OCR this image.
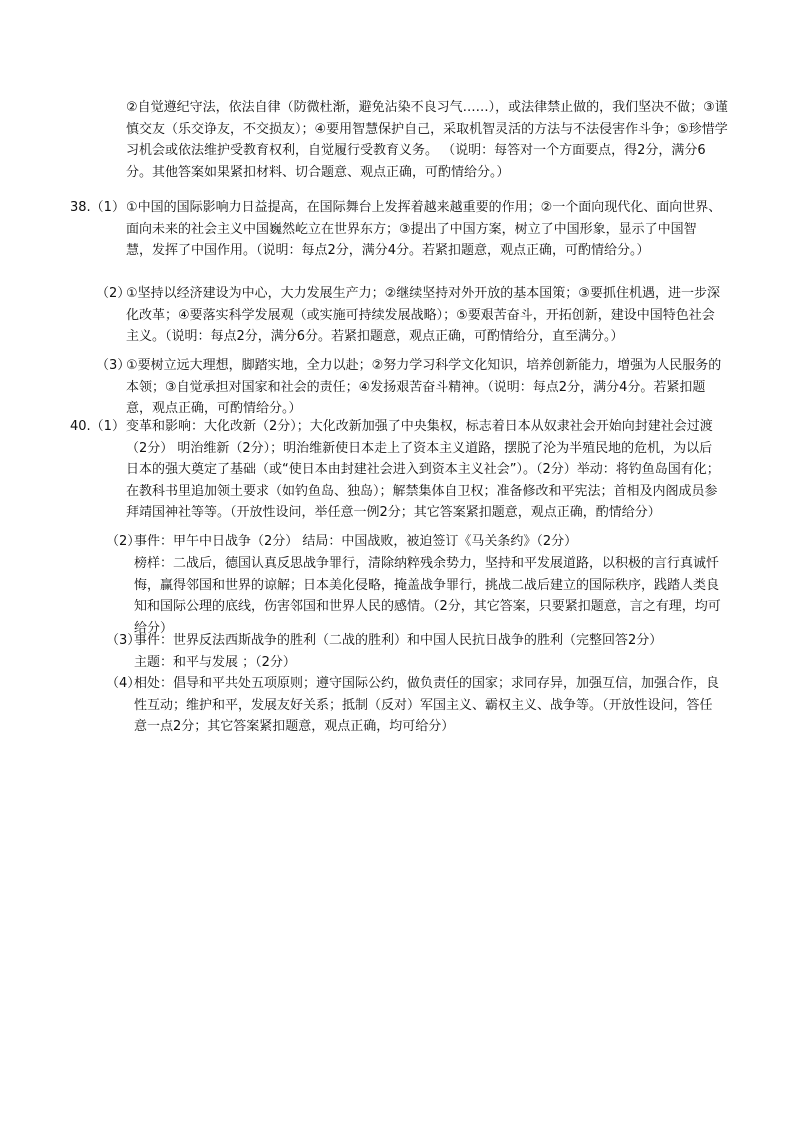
②自觉遵纪守法，依法自律（防微杜渐，避免沾染不良习气……），或法律禁止做的，我们坚决不做；③谨慎交友（乐交诤友，不交损友）；④要用智慧保护自己，采取机智灵活的方法与不法侵害作斗争；⑤珍惜学习机会或依法维护受教育权利，自觉履行受教育义务。 （说明：每答对一个方面要点，得2分，满分6分。其他答案如果紧扣材料、切合题意、观点正确，可酌情给分。）

38.（1） ①中国的国际影响力日益提高，在国际舞台上发挥着越来越重要的作用；②一个面向现代化、面向世界、面向未来的社会主义中国巍然屹立在世界东方；③提出了中国方案，树立了中国形象，显示了中国智慧，发挥了中国作用。（说明：每点2分，满分4分。若紧扣题意，观点正确，可酌情给分。）

（2）

①坚持以经济建设为中心，大力发展生产力；②继续坚持对外开放的基本国策；③要抓住机遇，进一步深化改革；④要落实科学发展观（或实施可持续发展战略）；⑤要艰苦奋斗，开拓创新，建设中国特色社会主义。（说明：每点2分，满分6分。若紧扣题意，观点正确，可酌情给分，直至满分。）

（3）

①要树立远大理想，脚踏实地，全力以赴；②努力学习科学文化知识，培养创新能力，增强为人民服务的本领；③自觉承担对国家和社会的责任；④发扬艰苦奋斗精神。（说明：每点2分，满分4分。若紧扣题意，观点正确，可酌情给分。）

40.（1） 变革和影响：大化改新（2分）；大化改新加强了中央集权，标志着日本从奴隶社会开始向封建社会过渡（2分） 明治维新（2分）；明治维新使日本走上了资本主义道路，摆脱了沦为半殖民地的危机，为以后日本的强大奠定了基础（或“使日本由封建社会进入到资本主义社会”）。（2分）举动：将钓鱼岛国有化；在教科书里追加领土要求（如钓鱼岛、独岛）；解禁集体自卫权；准备修改和平宪法；首相及内阁成员参拜靖国神社等等。（开放性设问，举任意一例2分；其它答案紧扣题意，观点正确，酌情给分）

（2）

事件：甲午中日战争（2分） 结局：中国战败，被迫签订《马关条约》（2分）

榜样：二战后，德国认真反思战争罪行，清除纳粹残余势力，坚持和平发展道路，以积极的言行真诚忏悔，赢得邻国和世界的谅解；日本美化侵略，掩盖战争罪行，挑战二战后建立的国际秩序，践踏人类良知和国际公理的底线，伤害邻国和世界人民的感情。（2分，其它答案，只要紧扣题意，言之有理，均可给分）

（3）

事件：世界反法西斯战争的胜利（二战的胜利）和中国人民抗日战争的胜利（完整回答2分）

主题：和平与发展 ；（2分）

（4）

相处：倡导和平共处五项原则；遵守国际公约，做负责任的国家；求同存异，加强互信，加强合作，良性互动；维护和平，发展友好关系；抵制（反对）军国主义、霸权主义、战争等。（开放性设问，答任意一点2分；其它答案紧扣题意，观点正确，均可给分）
